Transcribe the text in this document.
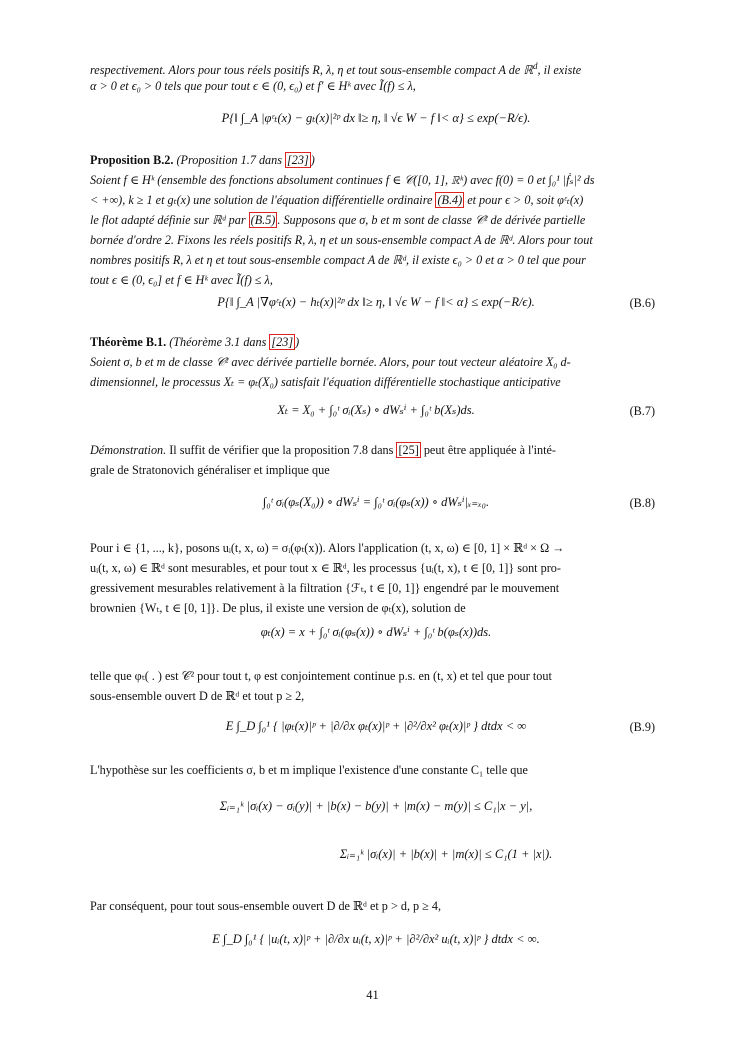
respectivement. Alors pour tous réels positifs R, λ, η et tout sous-ensemble compact A de ℝ$^d$, il existe
α > 0 et ϵ₀ > 0 tels que pour tout ϵ ∈ (0, ϵ₀) et f′ ∈ Hᵏ avec Ĩ(f) ≤ λ,
P{‖ ∫_A |φᵋₜ(x) − gₜ(x)|²ᵖ dx ‖≥ η, ‖ √ϵ W − f ‖< α} ≤ exp(−R/ϵ).
Proposition B.2. (Proposition 1.7 dans [23] )
Soient f ∈ Hᵏ (ensemble des fonctions absolument continues f ∈ 𝒞([0, 1], ℝᵏ) avec f(0) = 0 et ∫₀¹ |ḟₛ|² ds
< +∞), k ≥ 1 et gₜ(x) une solution de l'équation différentielle ordinaire (B.4) et pour ϵ > 0, soit φᵋₜ(x)
le flot adapté définie sur ℝᵈ par (B.5) . Supposons que σ, b et m sont de classe 𝒞² de dérivée partielle
bornée d'ordre 2. Fixons les réels positifs R, λ, η et un sous-ensemble compact A de ℝᵈ. Alors pour tout
nombres positifs R, λ et η et tout sous-ensemble compact A de ℝᵈ, il existe ϵ₀ > 0 et α > 0 tel que pour
tout ϵ ∈ (0, ϵ₀] et f ∈ Hᵏ avec Ĩ(f) ≤ λ,
P{‖ ∫_A |∇φᵋₜ(x) − hₜ(x)|²ᵖ dx ‖≥ η, ‖ √ϵ W − f ‖< α} ≤ exp(−R/ϵ).	(B.6)
Théorème B.1. (Théorème 3.1 dans [23] )
Soient σ, b et m de classe 𝒞² avec dérivée partielle bornée. Alors, pour tout vecteur aléatoire X₀ d-
dimensionnel, le processus Xₜ = φₜ(X₀) satisfait l'équation différentielle stochastique anticipative
Xₜ = X₀ + ∫₀ᵗ σᵢ(Xₛ) ∘ dWₛⁱ + ∫₀ᵗ b(Xₛ)ds.	(B.7)
Démonstration. Il suffit de vérifier que la proposition 7.8 dans [25] peut être appliquée à l'inté-
grale de Stratonovich généraliser et implique que
∫₀ᵗ σᵢ(φₛ(X₀)) ∘ dWₛⁱ = ∫₀ᵗ σᵢ(φₛ(x)) ∘ dWₛⁱ|ₓ₌ₓ₀.	(B.8)
Pour i ∈ {1, ..., k}, posons uᵢ(t, x, ω) = σᵢ(φₜ(x)). Alors l'application (t, x, ω) ∈ [0, 1] × ℝᵈ × Ω →
uᵢ(t, x, ω) ∈ ℝᵈ sont mesurables, et pour tout x ∈ ℝᵈ, les processus {uᵢ(t, x), t ∈ [0, 1]} sont pro-
gressivement mesurables relativement à la filtration {ℱₜ, t ∈ [0, 1]} engendré par le mouvement
brownien {Wₜ, t ∈ [0, 1]}. De plus, il existe une version de φₜ(x), solution de
φₜ(x) = x + ∫₀ᵗ σᵢ(φₛ(x)) ∘ dWₛⁱ + ∫₀ᵗ b(φₛ(x))ds.
telle que φₜ( . ) est 𝒞² pour tout t, φ est conjointement continue p.s. en (t, x) et tel que pour tout
sous-ensemble ouvert D de ℝᵈ et tout p ≥ 2,
E ∫_D ∫₀¹ { |φₜ(x)|ᵖ + |∂/∂x φₜ(x)|ᵖ + |∂²/∂x² φₜ(x)|ᵖ } dtdx < ∞	(B.9)
L'hypothèse sur les coefficients σ, b et m implique l'existence d'une constante C₁ telle que
Σᵢ₌₁ᵏ |σᵢ(x) − σᵢ(y)| + |b(x) − b(y)| + |m(x) − m(y)| ≤ C₁|x − y|,
Σᵢ₌₁ᵏ |σᵢ(x)| + |b(x)| + |m(x)| ≤ C₁(1 + |x|).
Par conséquent, pour tout sous-ensemble ouvert D de ℝᵈ et p > d, p ≥ 4,
E ∫_D ∫₀¹ { |uᵢ(t, x)|ᵖ + |∂/∂x uᵢ(t, x)|ᵖ + |∂²/∂x² uᵢ(t, x)|ᵖ } dtdx < ∞.
41
